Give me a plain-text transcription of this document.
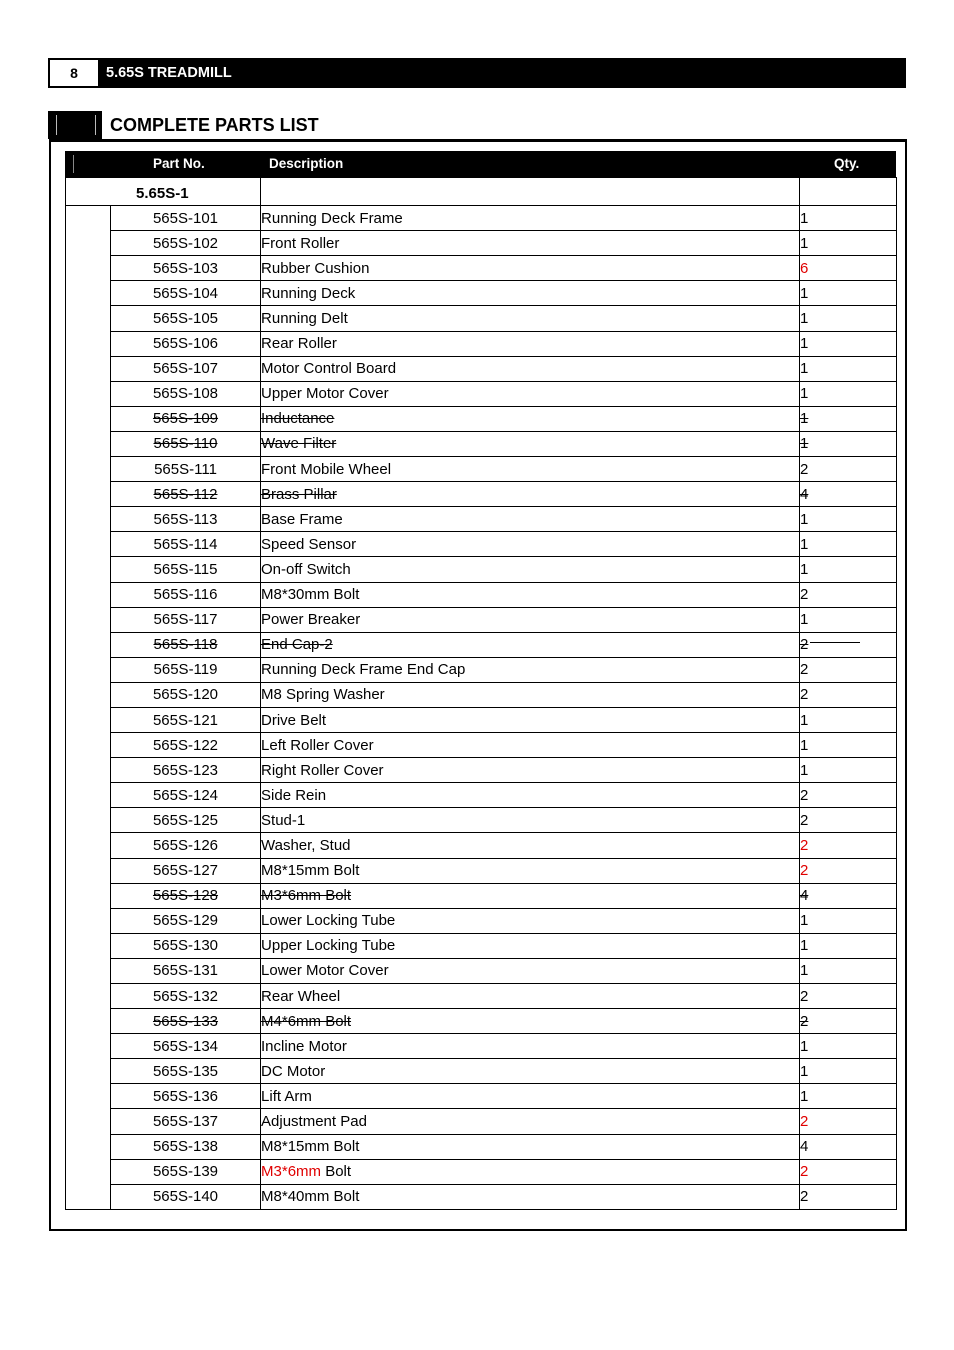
8	5.65S TREADMILL
COMPLETE PARTS LIST
Part No.	Description	Qty.
5.65S-1			
	565S-101	Running Deck Frame	1
	565S-102	Front Roller	1
	565S-103	Rubber Cushion	6
	565S-104	Running Deck	1
	565S-105	Running Delt	1
	565S-106	Rear Roller	1
	565S-107	Motor Control Board	1
	565S-108	Upper Motor Cover	1
	565S-109	Inductance	1
	565S-110	Wave Filter	1
	565S-111	Front Mobile Wheel	2
	565S-112	Brass Pillar	4
	565S-113	Base Frame	1
	565S-114	Speed Sensor	1
	565S-115	On-off Switch	1
	565S-116	M8*30mm Bolt	2
	565S-117	Power Breaker	1
	565S-118	End Cap-2	2
	565S-119	Running Deck Frame End Cap	2
	565S-120	M8 Spring Washer	2
	565S-121	Drive Belt	1
	565S-122	Left Roller Cover	1
	565S-123	Right Roller Cover	1
	565S-124	Side Rein	2
	565S-125	Stud-1	2
	565S-126	Washer, Stud	2
	565S-127	M8*15mm Bolt	2
	565S-128	M3*6mm Bolt	4
	565S-129	Lower Locking Tube	1
	565S-130	Upper Locking Tube	1
	565S-131	Lower Motor Cover	1
	565S-132	Rear Wheel	2
	565S-133	M4*6mm Bolt	2
	565S-134	Incline Motor	1
	565S-135	DC Motor	1
	565S-136	Lift Arm	1
	565S-137	Adjustment Pad	2
	565S-138	M8*15mm Bolt	4
	565S-139	M3*6mm Bolt	2
	565S-140	M8*40mm Bolt	2
